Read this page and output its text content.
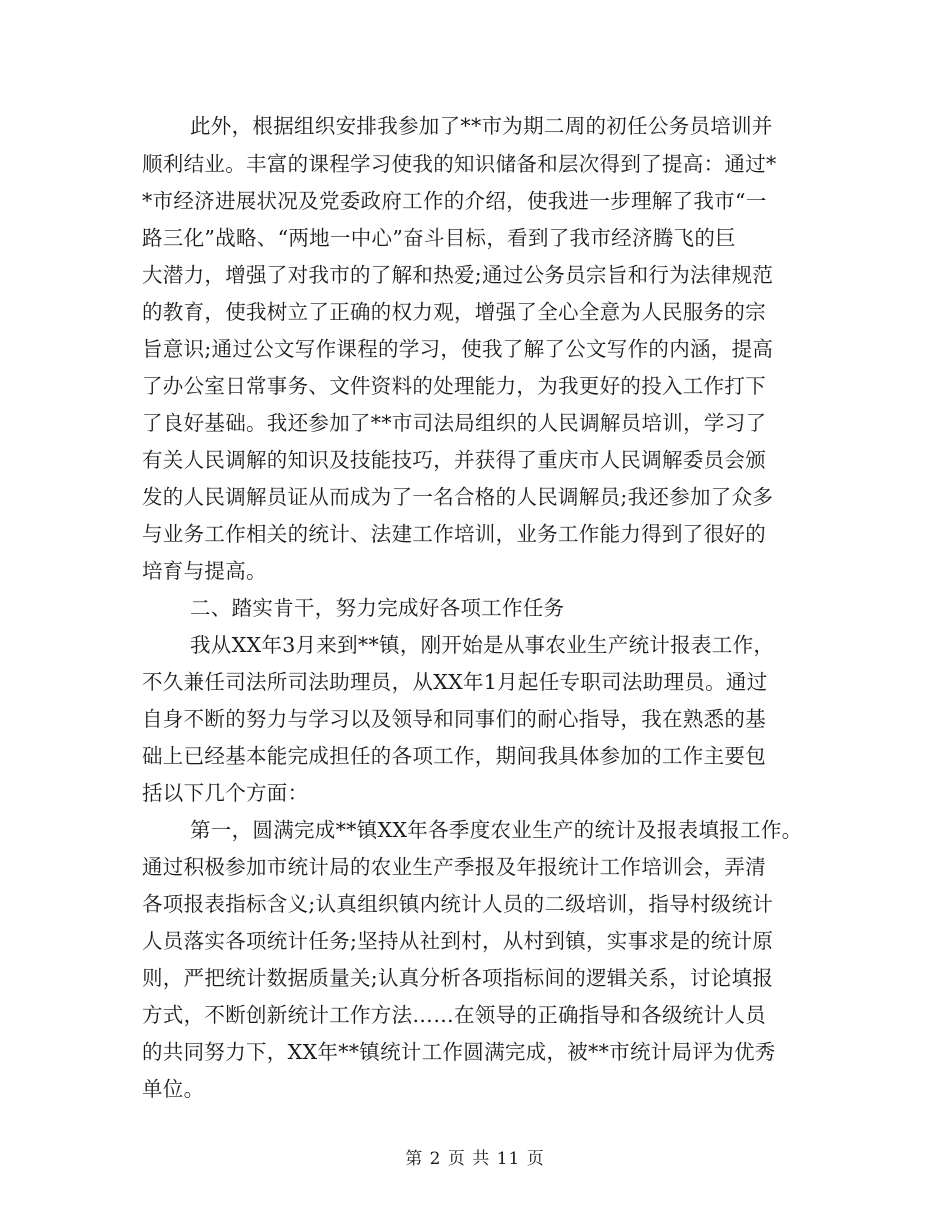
此外，根据组织安排我参加了**市为期二周的初任公务员培训并
顺利结业。丰富的课程学习使我的知识储备和层次得到了提高：通过*
*市经济进展状况及党委政府工作的介绍，使我进一步理解了我市“一
路三化”战略、“两地一中心”奋斗目标，看到了我市经济腾飞的巨
大潜力，增强了对我市的了解和热爱;通过公务员宗旨和行为法律规范
的教育，使我树立了正确的权力观，增强了全心全意为人民服务的宗
旨意识;通过公文写作课程的学习，使我了解了公文写作的内涵，提高
了办公室日常事务、文件资料的处理能力，为我更好的投入工作打下
了良好基础。我还参加了**市司法局组织的人民调解员培训，学习了
有关人民调解的知识及技能技巧，并获得了重庆市人民调解委员会颁
发的人民调解员证从而成为了一名合格的人民调解员;我还参加了众多
与业务工作相关的统计、法建工作培训，业务工作能力得到了很好的
培育与提高。
二、踏实肯干，努力完成好各项工作任务
我从XX年3月来到**镇，刚开始是从事农业生产统计报表工作，
不久兼任司法所司法助理员，从XX年1月起任专职司法助理员。通过
自身不断的努力与学习以及领导和同事们的耐心指导，我在熟悉的基
础上已经基本能完成担任的各项工作，期间我具体参加的工作主要包
括以下几个方面：
第一，圆满完成**镇XX年各季度农业生产的统计及报表填报工作。
通过积极参加市统计局的农业生产季报及年报统计工作培训会，弄清
各项报表指标含义;认真组织镇内统计人员的二级培训，指导村级统计
人员落实各项统计任务;坚持从社到村，从村到镇，实事求是的统计原
则，严把统计数据质量关;认真分析各项指标间的逻辑关系，讨论填报
方式，不断创新统计工作方法……在领导的正确指导和各级统计人员
的共同努力下，XX年**镇统计工作圆满完成，被**市统计局评为优秀
单位。
第 2 页 共 11 页
